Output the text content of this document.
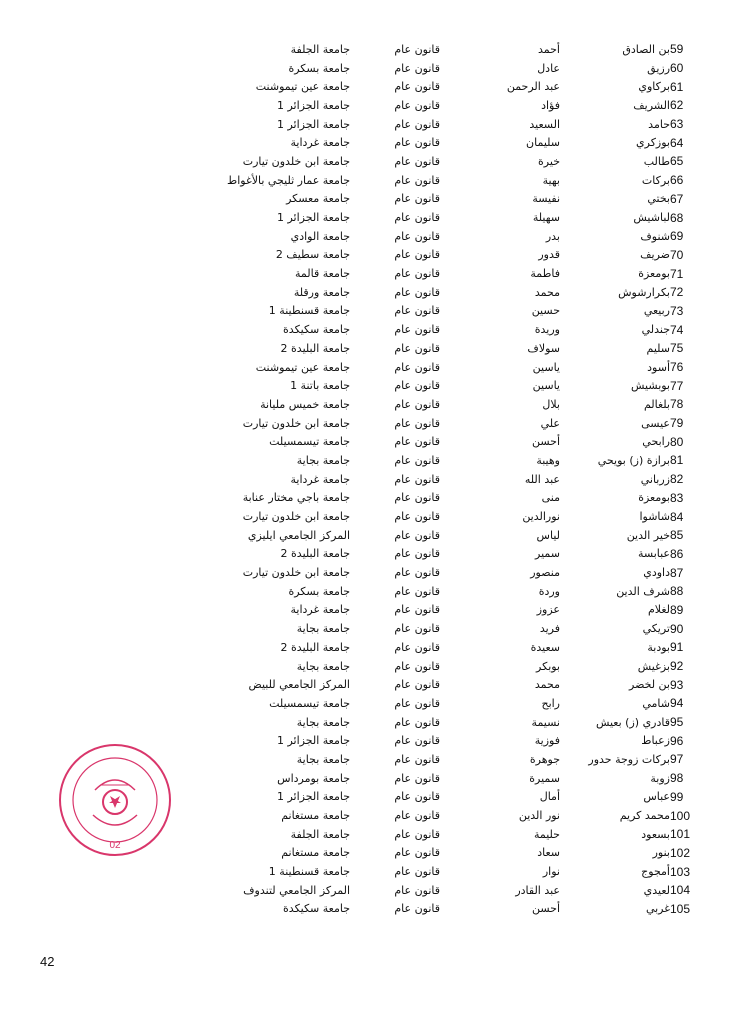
جامعة الجلفة	قانون عام	أحمد	بن الصادق	59
جامعة بسكرة	قانون عام	عادل	رزيق	60
جامعة عين تيموشنت	قانون عام	عبد الرحمن	بركاوي	61
جامعة الجزائر 1	قانون عام	فؤاد	الشريف	62
جامعة الجزائر 1	قانون عام	السعيد	حامد	63
جامعة غرداية	قانون عام	سليمان	بوزكري	64
جامعة ابن خلدون تيارت	قانون عام	خيرة	طالب	65
جامعة عمار ثليجي بالأغواط	قانون عام	بهية	بركات	66
جامعة معسكر	قانون عام	نفيسة	بختي	67
جامعة الجزائر 1	قانون عام	سهيلة	لباشيش	68
جامعة الوادي	قانون عام	بدر	شنوف	69
جامعة سطيف 2	قانون عام	قدور	ضريف	70
جامعة قالمة	قانون عام	فاطمة	بومعزة	71
جامعة ورقلة	قانون عام	محمد	بكرارشوش	72
جامعة قسنطينة 1	قانون عام	حسين	ربيعي	73
جامعة سكيكدة	قانون عام	وريدة	جندلي	74
جامعة البليدة 2	قانون عام	سولاف	سليم	75
جامعة عين تيموشنت	قانون عام	ياسين	أسود	76
جامعة باتنة 1	قانون عام	ياسين	بوبشيش	77
جامعة خميس مليانة	قانون عام	بلال	بلغالم	78
جامعة ابن خلدون تيارت	قانون عام	علي	عيسى	79
جامعة تيسمسيلت	قانون عام	أحسن	رابحي	80
جامعة بجاية	قانون عام	وهيبة	برازة (ز) بويحي	81
جامعة غرداية	قانون عام	عبد الله	زرباني	82
جامعة باجي مختار عنابة	قانون عام	منى	بومعزة	83
جامعة ابن خلدون تيارت	قانون عام	نورالدين	شاشوا	84
المركز الجامعي ايليزي	قانون عام	لياس	خير الدين	85
جامعة البليدة 2	قانون عام	سمير	عبابسة	86
جامعة ابن خلدون تيارت	قانون عام	منصور	داودي	87
جامعة بسكرة	قانون عام	وردة	شرف الدين	88
جامعة غرداية	قانون عام	عزوز	لغلام	89
جامعة بجاية	قانون عام	فريد	تريكي	90
جامعة البليدة 2	قانون عام	سعيدة	بودبة	91
جامعة بجاية	قانون عام	بوبكر	بزغيش	92
المركز الجامعي للبيض	قانون عام	محمد	بن لخضر	93
جامعة تيسمسيلت	قانون عام	رابح	شامي	94
جامعة بجاية	قانون عام	نسيمة	قادري (ز) بعيش	95
جامعة الجزائر 1	قانون عام	فوزية	زعباط	96
جامعة بجاية	قانون عام	جوهرة	بركات زوجة حدور	97
جامعة بومرداس	قانون عام	سميرة	زوبة	98
جامعة الجزائر 1	قانون عام	أمال	عباس	99
جامعة مستغانم	قانون عام	نور الدين	محمد كريم	100
جامعة الجلفة	قانون عام	حليمة	بسعود	101
جامعة مستغانم	قانون عام	سعاد	بنور	102
جامعة قسنطينة 1	قانون عام	نوار	أمجوج	103
المركز الجامعي لتندوف	قانون عام	عبد القادر	لعيدي	104
جامعة سكيكدة	قانون عام	أحسن	غربي	105
02
42
